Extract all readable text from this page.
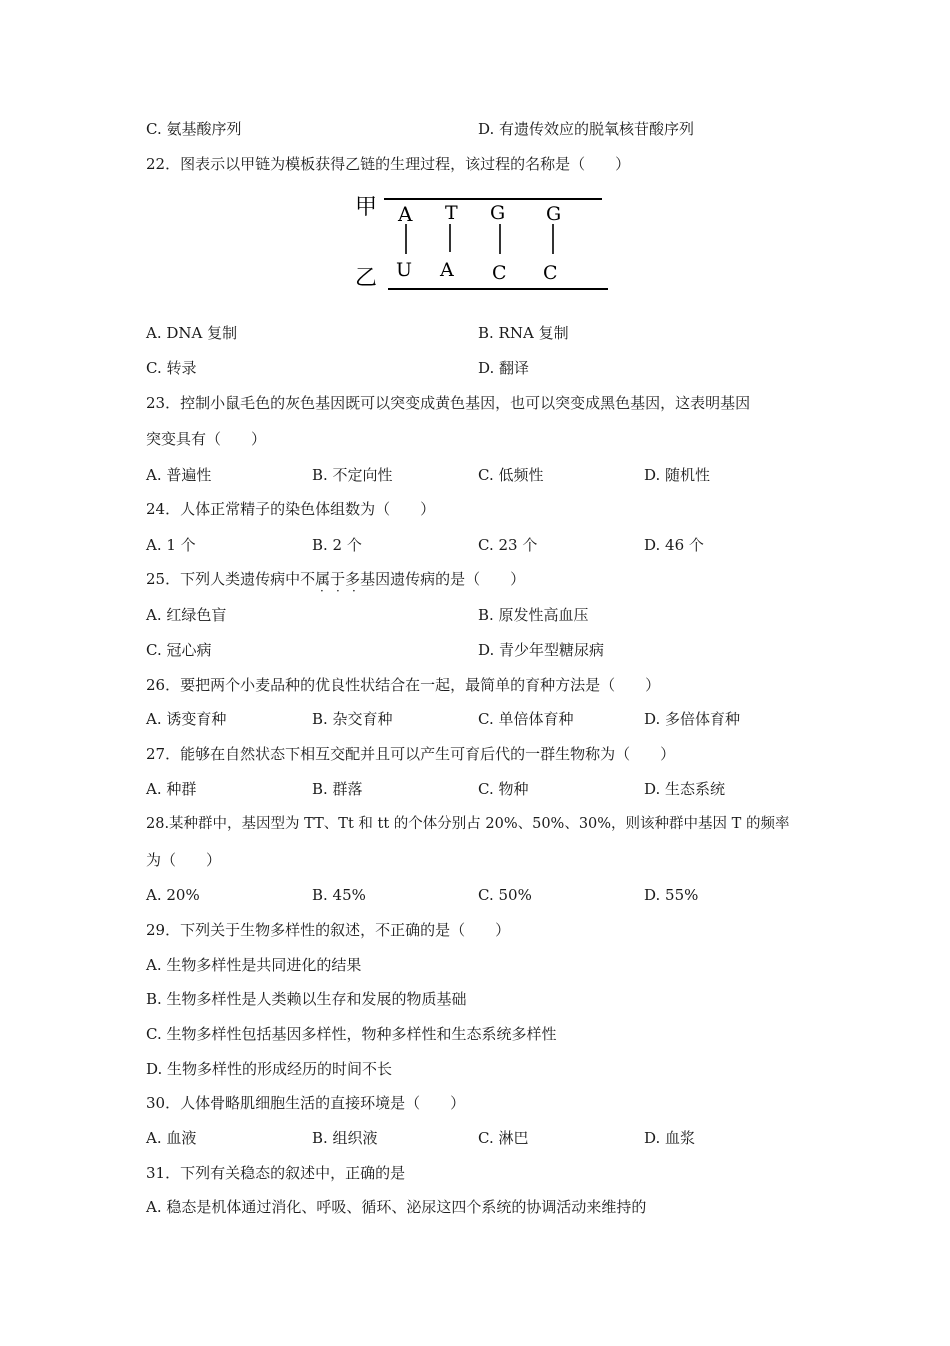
C. 氨基酸序列	D. 有遗传效应的脱氧核苷酸序列
22．图表示以甲链为模板获得乙链的生理过程，该过程的名称是（　　）
甲 A T G G
乙 U A C C
A. DNA 复制	B. RNA 复制
C. 转录	D. 翻译
23．控制小鼠毛色的灰色基因既可以突变成黄色基因，也可以突变成黑色基因，这表明基因
突变具有（　　）
A. 普遍性	B. 不定向性	C. 低频性	D. 随机性
24．人体正常精子的染色体组数为（　　）
A. 1 个	B. 2 个	C. 23 个	D. 46 个
25．下列人类遗传病中不属于多基因遗传病的是（　　）
· · ·
A. 红绿色盲	B. 原发性高血压
C. 冠心病	D. 青少年型糖尿病
26．要把两个小麦品种的优良性状结合在一起，最简单的育种方法是（　　）
A. 诱变育种	B. 杂交育种	C. 单倍体育种	D. 多倍体育种
27．能够在自然状态下相互交配并且可以产生可育后代的一群生物称为（　　）
A. 种群	B. 群落	C. 物种	D. 生态系统
28.某种群中，基因型为 TT、Tt 和 tt 的个体分别占 20%、50%、30%，则该种群中基因 T 的频率
为（　　）
A. 20%	B. 45%	C. 50%	D. 55%
29．下列关于生物多样性的叙述，不正确的是（　　）
A. 生物多样性是共同进化的结果
B. 生物多样性是人类赖以生存和发展的物质基础
C. 生物多样性包括基因多样性，物种多样性和生态系统多样性
D. 生物多样性的形成经历的时间不长
30．人体骨略肌细胞生活的直接环境是（　　）
A. 血液	B. 组织液	C. 淋巴	D. 血浆
31．下列有关稳态的叙述中，正确的是
A. 稳态是机体通过消化、呼吸、循环、泌尿这四个系统的协调活动来维持的
